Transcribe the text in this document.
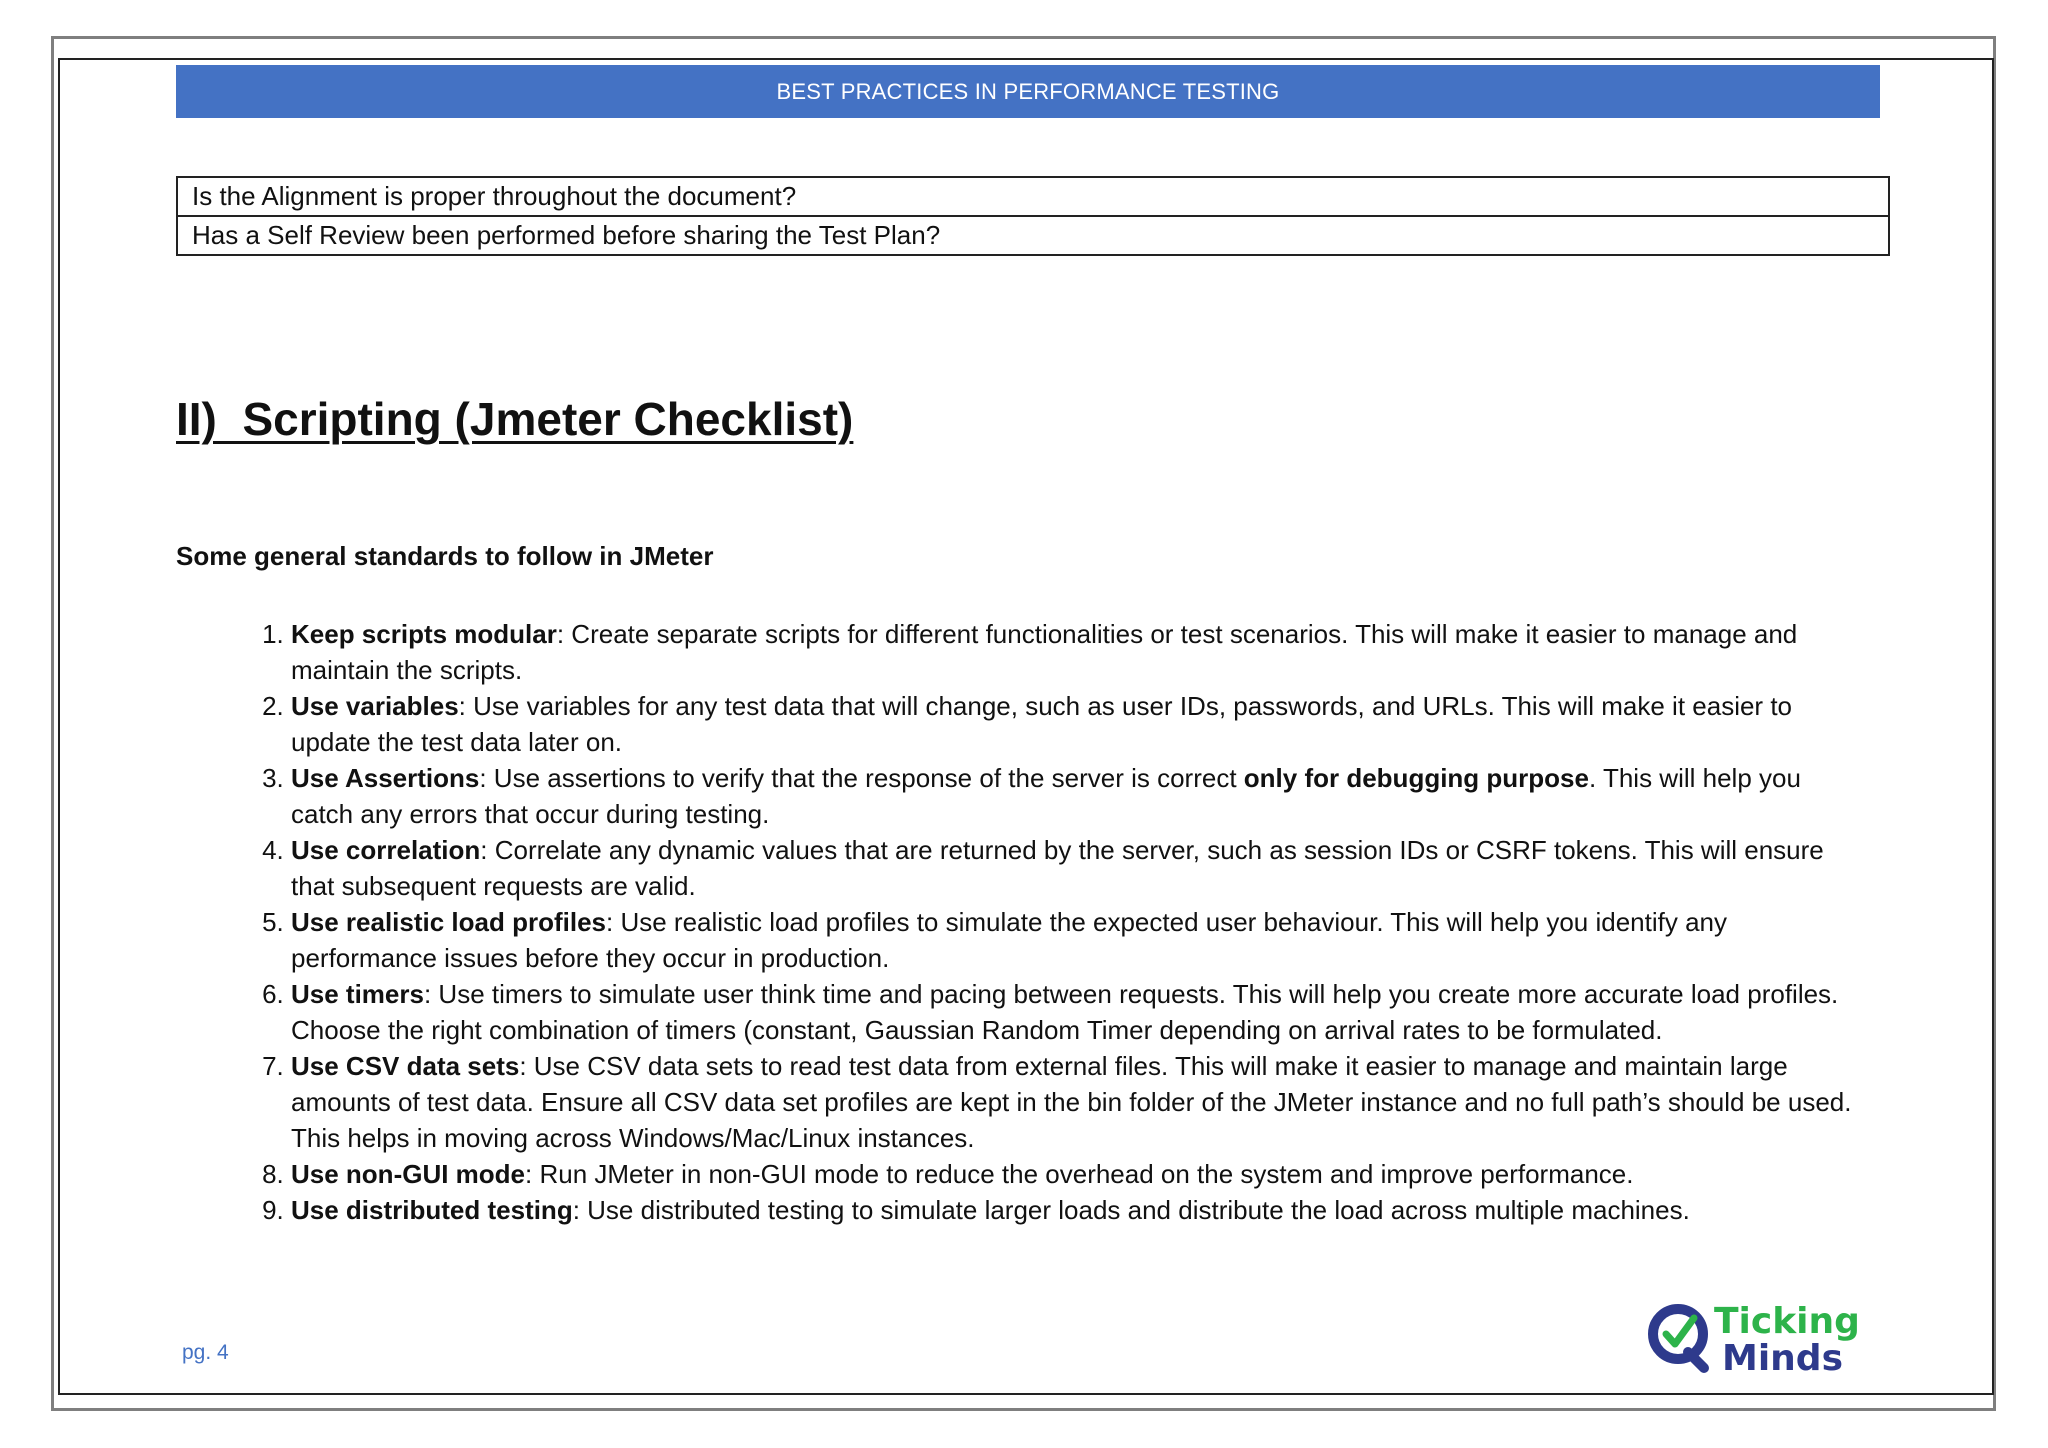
BEST PRACTICES IN PERFORMANCE TESTING
Is the Alignment is proper throughout the document?
Has a Self Review been performed before sharing the Test Plan?
II)  Scripting (Jmeter Checklist)

Some general standards to follow in JMeter

1. Keep scripts modular: Create separate scripts for different functionalities or test scenarios. This will make it easier to manage and maintain the scripts.
2. Use variables: Use variables for any test data that will change, such as user IDs, passwords, and URLs. This will make it easier to update the test data later on.
3. Use Assertions: Use assertions to verify that the response of the server is correct only for debugging purpose. This will help you catch any errors that occur during testing.
4. Use correlation: Correlate any dynamic values that are returned by the server, such as session IDs or CSRF tokens. This will ensure that subsequent requests are valid.
5. Use realistic load profiles: Use realistic load profiles to simulate the expected user behaviour. This will help you identify any performance issues before they occur in production.
6. Use timers: Use timers to simulate user think time and pacing between requests. This will help you create more accurate load profiles. Choose the right combination of timers (constant, Gaussian Random Timer depending on arrival rates to be formulated.
7. Use CSV data sets: Use CSV data sets to read test data from external files. This will make it easier to manage and maintain large amounts of test data. Ensure all CSV data set profiles are kept in the bin folder of the JMeter instance and no full path’s should be used. This helps in moving across Windows/Mac/Linux instances.
8. Use non-GUI mode: Run JMeter in non-GUI mode to reduce the overhead on the system and improve performance.
9. Use distributed testing: Use distributed testing to simulate larger loads and distribute the load across multiple machines.
pg. 4
Ticking
Minds
